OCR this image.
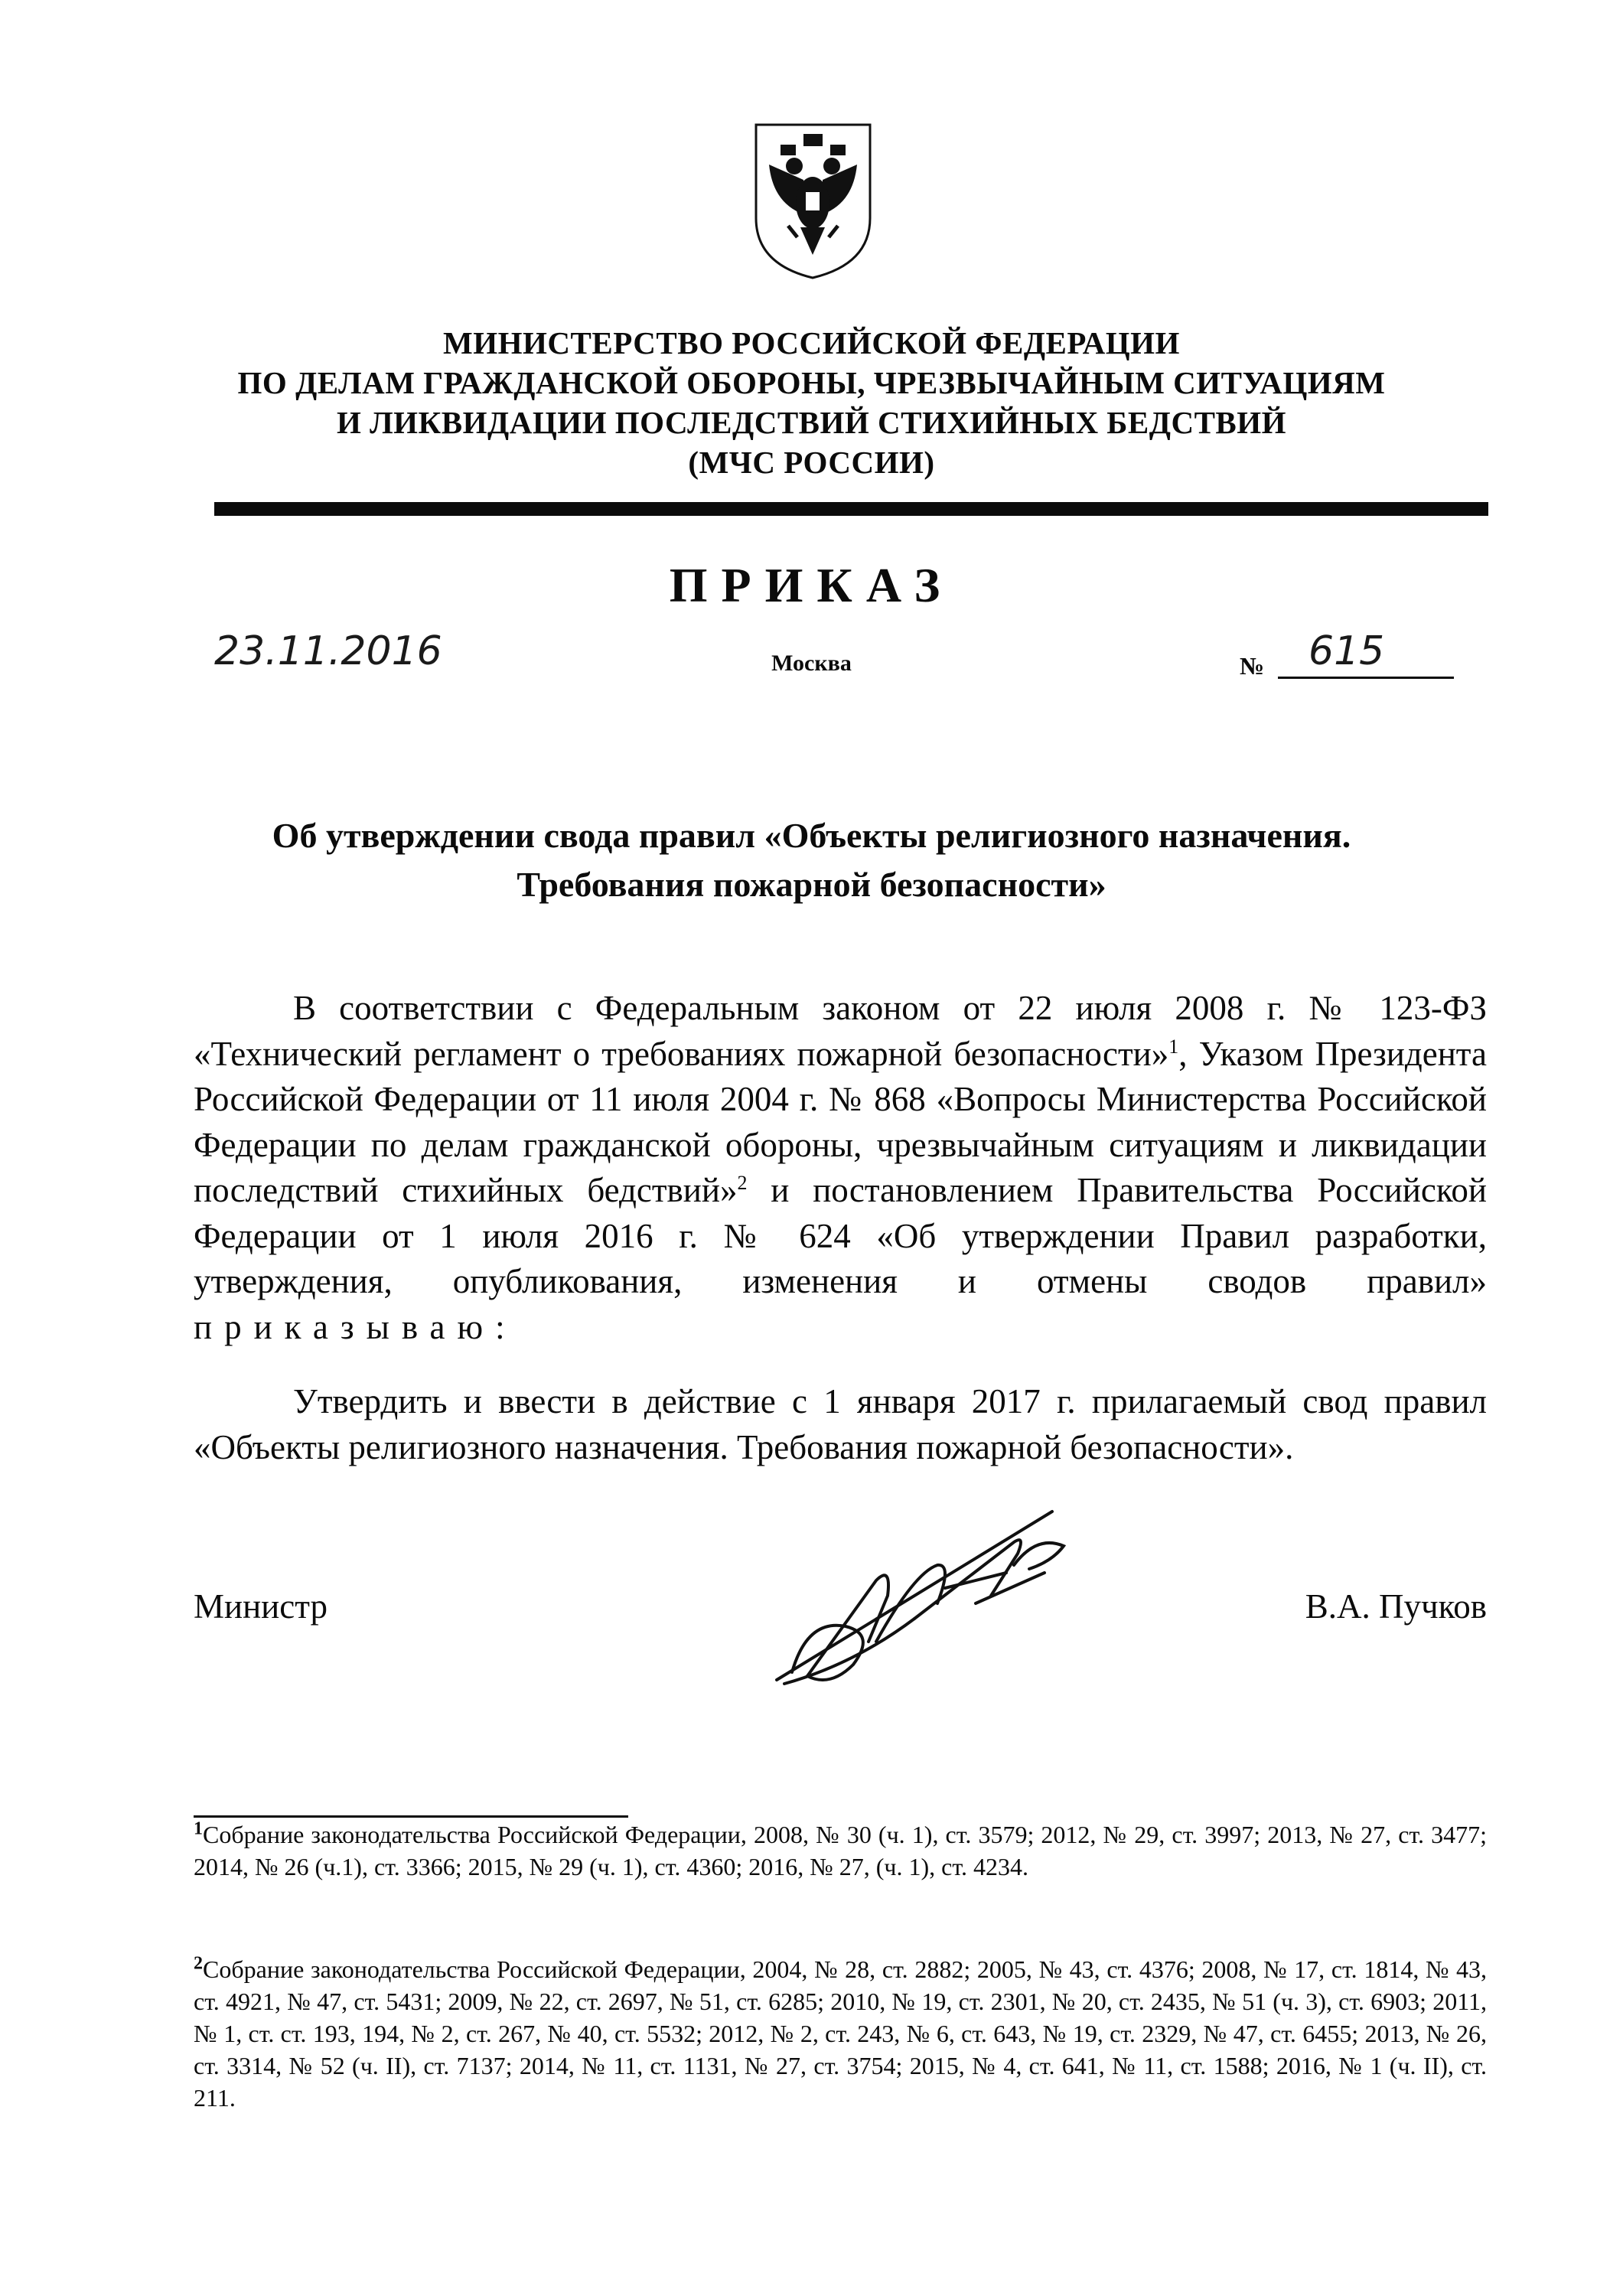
МИНИСТЕРСТВО РОССИЙСКОЙ ФЕДЕРАЦИИ
ПО ДЕЛАМ ГРАЖДАНСКОЙ ОБОРОНЫ, ЧРЕЗВЫЧАЙНЫМ СИТУАЦИЯМ
И ЛИКВИДАЦИИ ПОСЛЕДСТВИЙ СТИХИЙНЫХ БЕДСТВИЙ
(МЧС РОССИИ)
ПРИКАЗ
23.11.2016	Москва	№	615
Об утверждении свода правил «Объекты религиозного назначения.
Требования пожарной безопасности»

В соответствии с Федеральным законом от 22 июля 2008 г. № 123-ФЗ «Технический регламент о требованиях пожарной безопасности»$^1$, Указом Президента Российской Федерации от 11 июля 2004 г. № 868 «Вопросы Министерства Российской Федерации по делам гражданской обороны, чрезвычайным ситуациям и ликвидации последствий стихийных бедствий»$^2$ и постановлением Правительства Российской Федерации от 1 июля 2016 г. № 624 «Об утверждении Правил разработки, утверждения, опубликования, изменения и отмены сводов правил» приказываю:

Утвердить и ввести в действие с 1 января 2017 г. прилагаемый свод правил «Объекты религиозного назначения. Требования пожарной безопасности».

Министр	В.А. Пучков

$^1$Собрание законодательства Российской Федерации, 2008, № 30 (ч. 1), ст. 3579; 2012, № 29, ст. 3997; 2013, № 27, ст. 3477; 2014, № 26 (ч.1), ст. 3366; 2015, № 29 (ч. 1), ст. 4360; 2016, № 27, (ч. 1), ст. 4234.

$^2$Собрание законодательства Российской Федерации, 2004, № 28, ст. 2882; 2005, № 43, ст. 4376; 2008, № 17, ст. 1814, № 43, ст. 4921, № 47, ст. 5431; 2009, № 22, ст. 2697, № 51, ст. 6285; 2010, № 19, ст. 2301, № 20, ст. 2435, № 51 (ч. 3), ст. 6903; 2011, № 1, ст. ст. 193, 194, № 2, ст. 267, № 40, ст. 5532; 2012, № 2, ст. 243, № 6, ст. 643, № 19, ст. 2329, № 47, ст. 6455; 2013, № 26, ст. 3314, № 52 (ч. II), ст. 7137; 2014, № 11, ст. 1131, № 27, ст. 3754; 2015, № 4, ст. 641, № 11, ст. 1588; 2016, № 1 (ч. II), ст. 211.
